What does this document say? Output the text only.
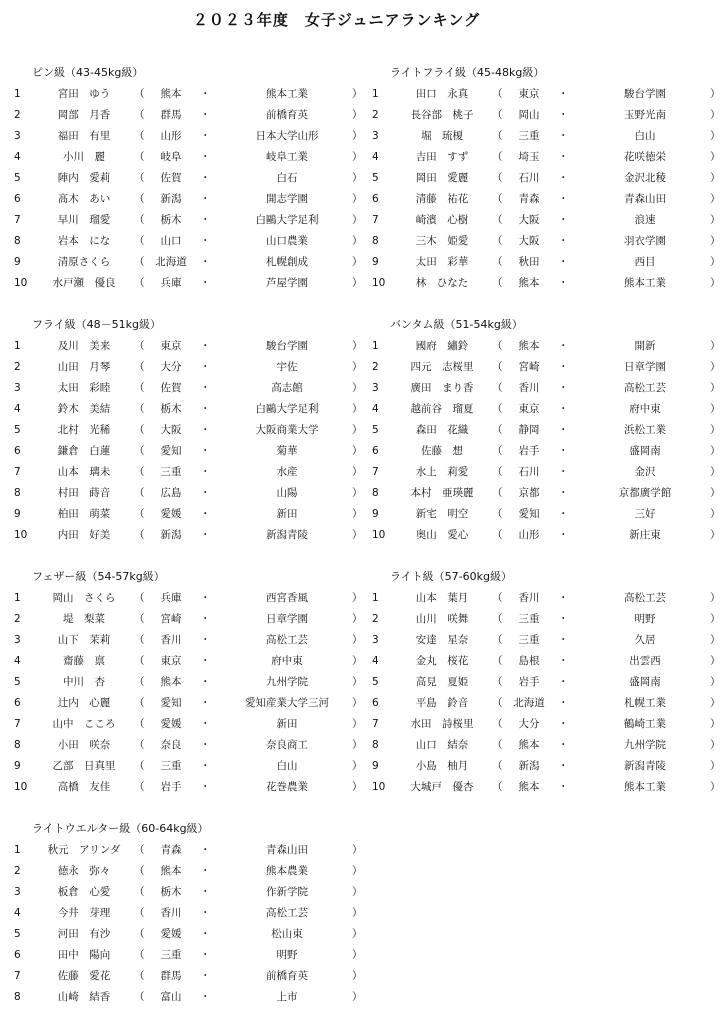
２０２３年度　女子ジュニアランキング
ピン級（43-45kg級）
1	宮田　ゆう	（	熊本	・	熊本工業	）
2	岡部　月香	（	群馬	・	前橋育英	）
3	福田　有里	（	山形	・	日本大学山形	）
4	小川　麗	（	岐阜	・	岐阜工業	）
5	陣内　愛莉	（	佐賀	・	白石	）
6	髙木　あい	（	新潟	・	開志学園	）
7	早川　瑠愛	（	栃木	・	白鷗大学足利	）
8	岩本　にな	（	山口	・	山口農業	）
9	清原さくら	（	北海道	・	札幌創成	）
10	水戸瀬　優良	（	兵庫	・	芦屋学園	）
ライトフライ級（45-48kg級）
1	田口　永真	（	東京	・	駿台学園	）
2	長谷部　桃子	（	岡山	・	玉野光南	）
3	堀　琉榎	（	三重	・	白山	）
4	吉田　すず	（	埼玉	・	花咲徳栄	）
5	岡田　愛麗	（	石川	・	金沢北稜	）
6	清藤　祐花	（	青森	・	青森山田	）
7	崎濱　心樹	（	大阪	・	浪速	）
8	三木　姫愛	（	大阪	・	羽衣学園	）
9	太田　彩華	（	秋田	・	西目	）
10	林　ひなた	（	熊本	・	熊本工業	）
フライ級（48－51kg級）
1	及川　美来	（	東京	・	駿台学園	）
2	山田　月琴	（	大分	・	宇佐	）
3	太田　彩睦	（	佐賀	・	高志館	）
4	鈴木　美結	（	栃木	・	白鷗大学足利	）
5	北村　光稀	（	大阪	・	大阪商業大学	）
6	鎌倉　白蓮	（	愛知	・	菊華	）
7	山本　璃未	（	三重	・	水産	）
8	村田　蒔音	（	広島	・	山陽	）
9	柏田　萌菜	（	愛媛	・	新田	）
10	内田　好美	（	新潟	・	新潟青陵	）
バンタム級（51-54kg級）
1	國府　繡鈴	（	熊本	・	開新	）
2	四元　志桜里	（	宮崎	・	日章学園	）
3	廣田　まり香	（	香川	・	高松工芸	）
4	越前谷　瑠夏	（	東京	・	府中東	）
5	森田　花織	（	静岡	・	浜松工業	）
6	佐藤　想	（	岩手	・	盛岡南	）
7	水上　莉愛	（	石川	・	金沢	）
8	本村　亜瑛麗	（	京都	・	京都廣学館	）
9	新宅　明空	（	愛知	・	三好	）
10	奥山　愛心	（	山形	・	新庄東	）
フェザー級（54-57kg級）
1	岡山　さくら	（	兵庫	・	西宮香風	）
2	堤　梨菜	（	宮崎	・	日章学園	）
3	山下　茉莉	（	香川	・	高松工芸	）
4	齋藤　禀	（	東京	・	府中東	）
5	中川　杏	（	熊本	・	九州学院	）
6	辻内　心麗	（	愛知	・	愛知産業大学三河	）
7	山中　こころ	（	愛媛	・	新田	）
8	小田　咲奈	（	奈良	・	奈良商工	）
9	乙部　日真里	（	三重	・	白山	）
10	高橋　友佳	（	岩手	・	花巻農業	）
ライト級（57-60kg級）
1	山本　葉月	（	香川	・	高松工芸	）
2	山川　咲舞	（	三重	・	明野	）
3	安達　星奈	（	三重	・	久居	）
4	金丸　桜花	（	島根	・	出雲西	）
5	高見　夏姫	（	岩手	・	盛岡南	）
6	平島　鈴音	（	北海道	・	札幌工業	）
7	水田　詩桜里	（	大分	・	鶴崎工業	）
8	山口　結奈	（	熊本	・	九州学院	）
9	小島　柚月	（	新潟	・	新潟青陵	）
10	大城戸　優杏	（	熊本	・	熊本工業	）
ライトウエルター級（60-64kg級）
1	秋元　アリンダ	（	青森	・	青森山田	）
2	徳永　弥々	（	熊本	・	熊本農業	）
3	板倉　心愛	（	栃木	・	作新学院	）
4	今井　芽理	（	香川	・	高松工芸	）
5	河田　有沙	（	愛媛	・	松山東	）
6	田中　陽向	（	三重	・	明野	）
7	佐藤　愛花	（	群馬	・	前橋育英	）
8	山崎　結香	（	富山	・	上市	）
